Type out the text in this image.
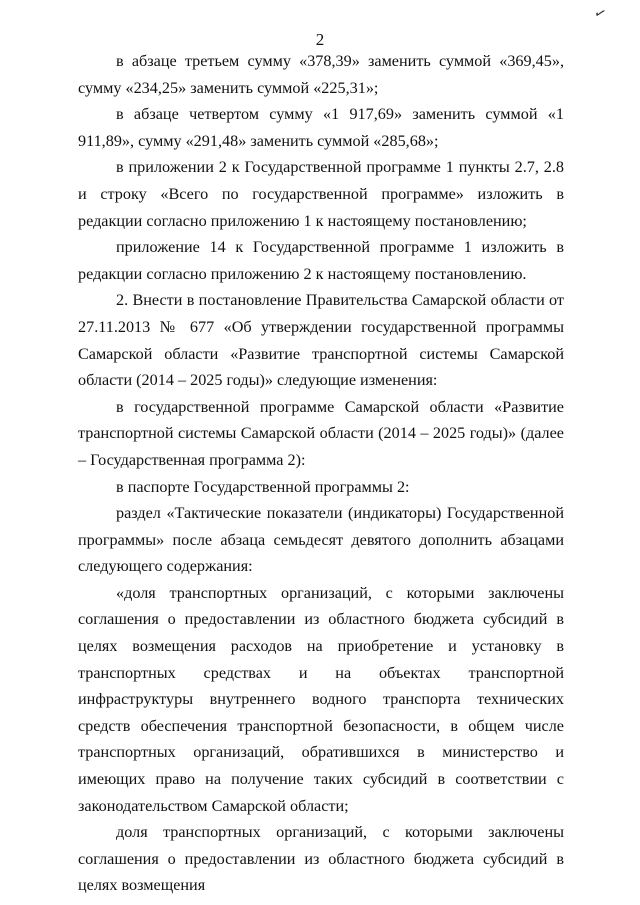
✓
2

в абзаце третьем сумму «378,39» заменить суммой «369,45», сумму «234,25» заменить суммой «225,31»;

в абзаце четвертом сумму «1 917,69» заменить суммой «1 911,89», сумму «291,48» заменить суммой «285,68»;

в приложении 2 к Государственной программе 1 пункты 2.7, 2.8 и строку «Всего по государственной программе» изложить в редакции согласно приложению 1 к настоящему постановлению;

приложение 14 к Государственной программе 1 изложить в редакции согласно приложению 2 к настоящему постановлению.

2. Внести в постановление Правительства Самарской области от 27.11.2013 № 677 «Об утверждении государственной программы Самарской области «Развитие транспортной системы Самарской области (2014 – 2025 годы)» следующие изменения:

в государственной программе Самарской области «Развитие транспортной системы Самарской области (2014 – 2025 годы)» (далее – Государственная программа 2):

в паспорте Государственной программы 2:

раздел «Тактические показатели (индикаторы) Государственной программы» после абзаца семьдесят девятого дополнить абзацами следующего содержания:

«доля транспортных организаций, с которыми заключены соглашения о предоставлении из областного бюджета субсидий в целях возмещения расходов на приобретение и установку в транспортных средствах и на объектах транспортной инфраструктуры внутреннего водного транспорта технических средств обеспечения транспортной безопасности, в общем числе транспортных организаций, обратившихся в министерство и имеющих право на получение таких субсидий в соответствии с законодательством Самарской области;

доля транспортных организаций, с которыми заключены соглашения о предоставлении из областного бюджета субсидий в целях возмещения
